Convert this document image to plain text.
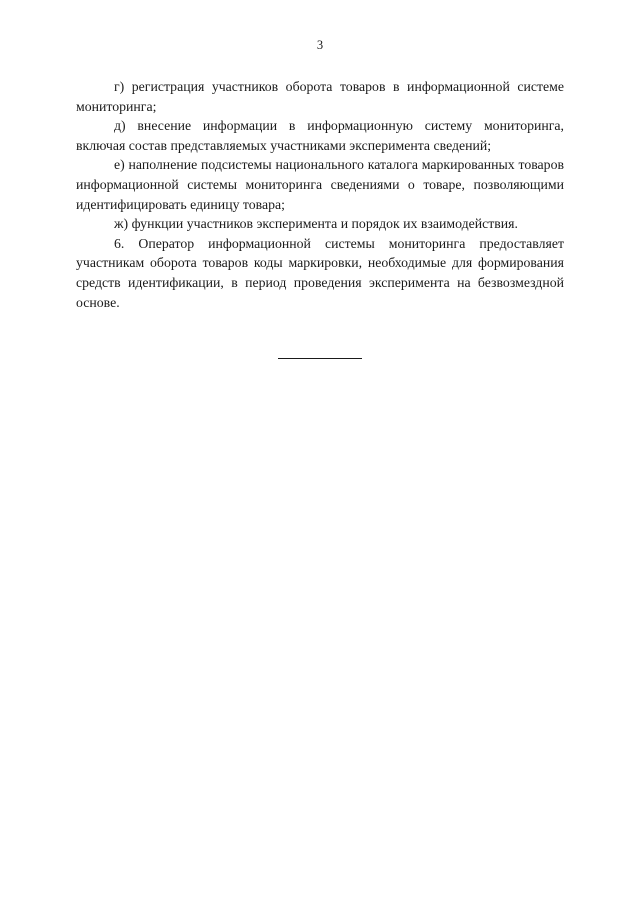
3

г) регистрация участников оборота товаров в информационной системе мониторинга;

д) внесение информации в информационную систему мониторинга, включая состав представляемых участниками эксперимента сведений;

е) наполнение подсистемы национального каталога маркированных товаров информационной системы мониторинга сведениями о товаре, позволяющими идентифицировать единицу товара;

ж) функции участников эксперимента и порядок их взаимодействия.

6. Оператор информационной системы мониторинга предоставляет участникам оборота товаров коды маркировки, необходимые для формирования средств идентификации, в период проведения эксперимента на безвозмездной основе.
